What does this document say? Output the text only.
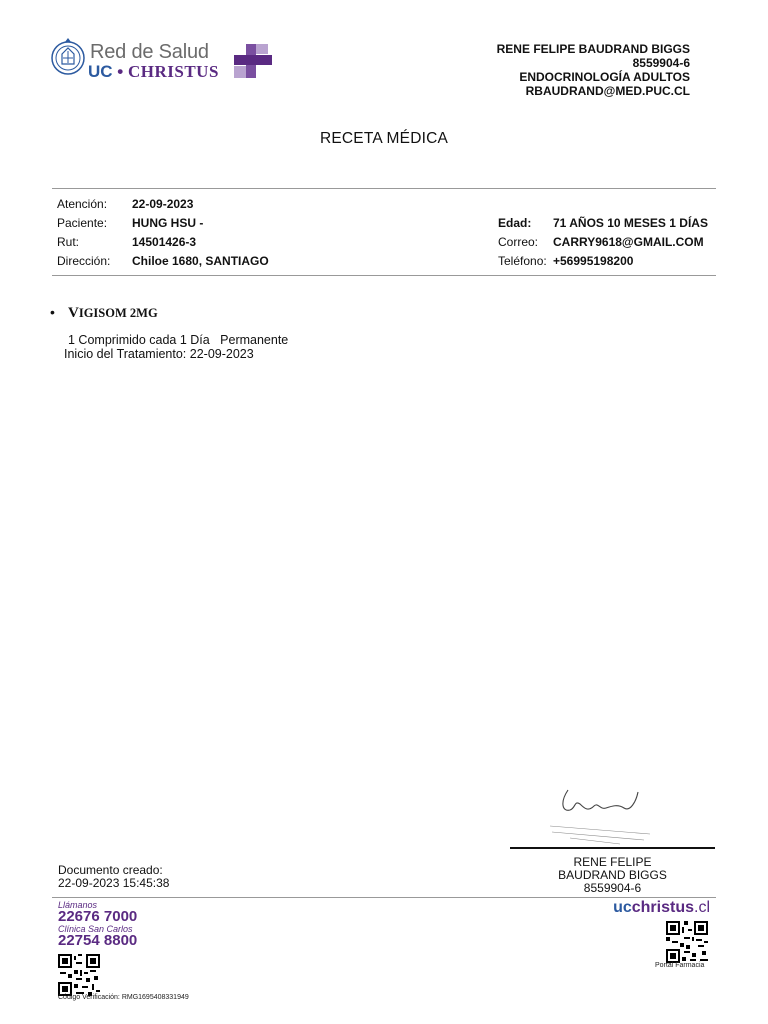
Red de Salud
UC • CHRISTUS
RENE FELIPE BAUDRAND BIGGS
8559904-6
ENDOCRINOLOGÍA ADULTOS
RBAUDRAND@MED.PUC.CL
RECETA MÉDICA
Atención: 22-09-2023
Paciente: HUNG HSU -
Rut:	14501426-3
Dirección: Chiloe 1680, SANTIAGO
Edad: 71 AÑOS 10 MESES 1 DÍAS
Correo: CARRY9618@GMAIL.COM
Teléfono: +56995198200
• VIGISOM 2MG
1 Comprimido cada 1 Día   Permanente
Inicio del Tratamiento: 22-09-2023
RENE FELIPE
BAUDRAND BIGGS
8559904-6
Documento creado:
22-09-2023 15:45:38
Llámanos
22676 7000
Clínica San Carlos
22754 8800
Código Verificación: RMG1695408331949
ucchristus.cl
Portal Farmacia
